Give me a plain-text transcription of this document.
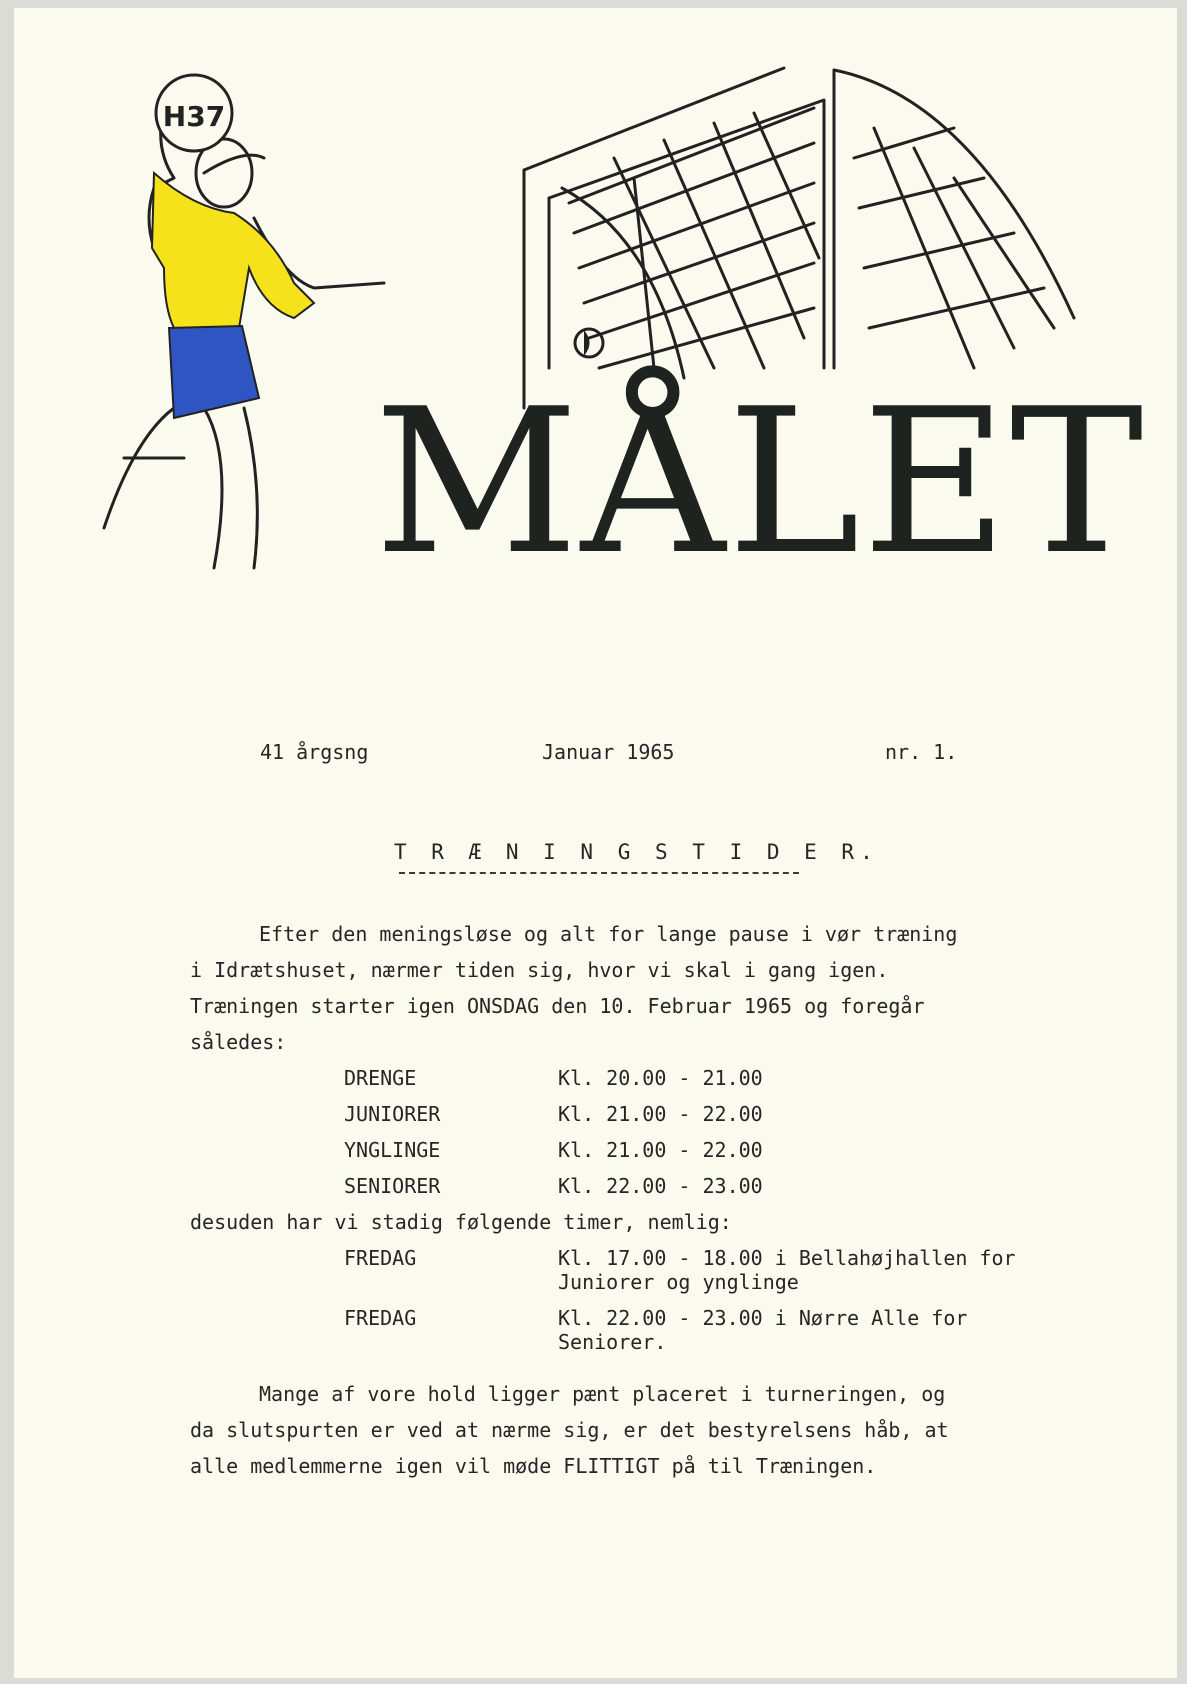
H37
MÅLET
41 årgsng	Januar 1965	nr. 1.
T R Æ N I N G S T I D E R.
Efter den meningsløse og alt for lange pause i vør træning
i Idrætshuset, nærmer tiden sig, hvor vi skal i gang igen.
Træningen starter igen ONSDAG den 10. Februar 1965 og foregår
således:
DRENGE	Kl. 20.00 - 21.00
JUNIORER	Kl. 21.00 - 22.00
YNGLINGE	Kl. 21.00 - 22.00
SENIORER	Kl. 22.00 - 23.00
desuden har vi stadig følgende timer, nemlig:
FREDAG	Kl. 17.00 - 18.00 i Bellahøjhallen for
Juniorer og ynglinge
FREDAG	Kl. 22.00 - 23.00 i Nørre Alle for
Seniorer.
Mange af vore hold ligger pænt placeret i turneringen, og
da slutspurten er ved at nærme sig, er det bestyrelsens håb, at
alle medlemmerne igen vil møde FLITTIGT på til Træningen.
